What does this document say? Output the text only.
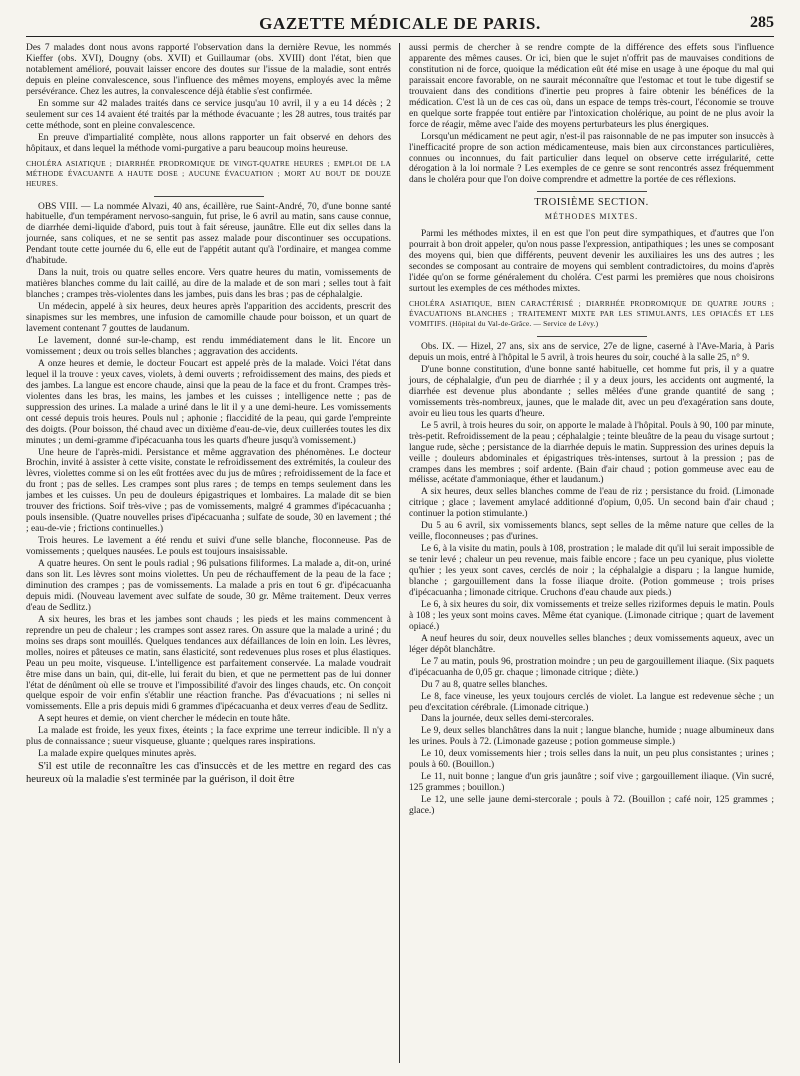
GAZETTE MÉDICALE DE PARIS.	285

Des 7 malades dont nous avons rapporté l'observation dans la dernière Revue, les nommés Kieffer (obs. XVI), Dougny (obs. XVII) et Guillaumar (obs. XVIII) dont l'état, bien que notablement amélioré, pouvait laisser encore des doutes sur l'issue de la maladie, sont entrés depuis en pleine convalescence, sous l'influence des mêmes moyens, employés avec la même persévérance. Chez les autres, la convalescence déjà établie s'est confirmée.

En somme sur 42 malades traités dans ce service jusqu'au 10 avril, il y a eu 14 décès ; 2 seulement sur ces 14 avaient été traités par la méthode évacuante ; les 28 autres, tous traités par cette méthode, sont en pleine convalescence.

En preuve d'impartialité complète, nous allons rapporter un fait observé en dehors des hôpitaux, et dans lequel la méthode vomi-purgative a paru beaucoup moins heureuse.

CHOLÉRA ASIATIQUE ; DIARRHÉE PRODROMIQUE DE VINGT-QUATRE HEURES ; EMPLOI DE LA MÉTHODE ÉVACUANTE A HAUTE DOSE ; AUCUNE ÉVACUATION ; MORT AU BOUT DE DOUZE HEURES.

OBS VIII. — La nommée Alvazi, 40 ans, écaillère, rue Saint-André, 70, d'une bonne santé habituelle, d'un tempérament nervoso-sanguin, fut prise, le 6 avril au matin, sans cause connue, de diarrhée demi-liquide d'abord, puis tout à fait séreuse, jaunâtre. Elle eut dix selles dans la journée, sans coliques, et ne se sentit pas assez malade pour discontinuer ses occupations. Pendant toute cette journée du 6, elle eut de l'appétit autant qu'à l'ordinaire, et mangea comme d'habitude.

Dans la nuit, trois ou quatre selles encore. Vers quatre heures du matin, vomissements de matières blanches comme du lait caillé, au dire de la malade et de son mari ; selles tout à fait blanches ; crampes très-violentes dans les jambes, puis dans les bras ; pas de céphalalgie.

Un médecin, appelé à six heures, deux heures après l'apparition des accidents, prescrit des sinapismes sur les membres, une infusion de camomille chaude pour boisson, et un quart de lavement contenant 7 gouttes de laudanum.

Le lavement, donné sur-le-champ, est rendu immédiatement dans le lit. Encore un vomissement ; deux ou trois selles blanches ; aggravation des accidents.

A onze heures et demie, le docteur Foucart est appelé près de la malade. Voici l'état dans lequel il la trouve : yeux caves, violets, à demi ouverts ; refroidissement des mains, des pieds et des jambes. La langue est encore chaude, ainsi que la peau de la face et du front. Crampes très-violentes dans les bras, les mains, les jambes et les cuisses ; intelligence nette ; pas de suppression des urines. La malade a uriné dans le lit il y a une demi-heure. Les vomissements ont cessé depuis trois heures. Pouls nul ; aphonie ; flaccidité de la peau, qui garde l'empreinte des doigts. (Pour boisson, thé chaud avec un dixième d'eau-de-vie, deux cuillerées toutes les dix minutes ; un demi-gramme d'ipécacuanha tous les quarts d'heure jusqu'à vomissement.)

Une heure de l'après-midi. Persistance et même aggravation des phénomènes. Le docteur Brochin, invité à assister à cette visite, constate le refroidissement des extrémités, la couleur des lèvres, violettes comme si on les eût frottées avec du jus de mûres ; refroidissement de la face et du front ; pas de selles. Les crampes sont plus rares ; de temps en temps seulement dans les jambes et les cuisses. Un peu de douleurs épigastriques et lombaires. La malade dit se bien trouver des frictions. Soif très-vive ; pas de vomissements, malgré 4 grammes d'ipécacuanha ; pouls insensible. (Quatre nouvelles prises d'ipécacuanha ; sulfate de soude, 30 en lavement ; thé ; eau-de-vie ; frictions continuelles.)

Trois heures. Le lavement a été rendu et suivi d'une selle blanche, floconneuse. Pas de vomissements ; quelques nausées. Le pouls est toujours insaisissable.

A quatre heures. On sent le pouls radial ; 96 pulsations filiformes. La malade a, dit-on, uriné dans son lit. Les lèvres sont moins violettes. Un peu de réchauffement de la peau de la face ; diminution des crampes ; pas de vomissements. La malade a pris en tout 6 gr. d'ipécacuanha depuis midi. (Nouveau lavement avec sulfate de soude, 30 gr. Même traitement. Deux verres d'eau de Sedlitz.)

A six heures, les bras et les jambes sont chauds ; les pieds et les mains commencent à reprendre un peu de chaleur ; les crampes sont assez rares. On assure que la malade a uriné ; du moins ses draps sont mouillés. Quelques tendances aux défaillances de loin en loin. Les lèvres, molles, noires et pâteuses ce matin, sans élasticité, sont redevenues plus roses et plus élastiques. Peau un peu moite, visqueuse. L'intelligence est parfaitement conservée. La malade voudrait être mise dans un bain, qui, dit-elle, lui ferait du bien, et que ne permettent pas de lui donner l'état de dénûment où elle se trouve et l'impossibilité d'avoir des linges chauds, etc. On conçoit quelque espoir de voir enfin s'établir une réaction franche. Pas d'évacuations ; ni selles ni vomissements. Elle a pris depuis midi 6 grammes d'ipécacuanha et deux verres d'eau de Sedlitz.

A sept heures et demie, on vient chercher le médecin en toute hâte.

La malade est froide, les yeux fixes, éteints ; la face exprime une terreur indicible. Il n'y a plus de connaissance ; sueur visqueuse, gluante ; quelques rares inspirations.

La malade expire quelques minutes après.

S'il est utile de reconnaître les cas d'insuccès et de les mettre en regard des cas heureux où la maladie s'est terminée par la guérison, il doit être

aussi permis de chercher à se rendre compte de la différence des effets sous l'influence apparente des mêmes causes. Or ici, bien que le sujet n'offrit pas de mauvaises conditions de constitution ni de force, quoique la médication eût été mise en usage à une époque du mal qui paraissait encore favorable, on ne saurait méconnaître que l'estomac et tout le tube digestif se trouvaient dans des conditions d'inertie peu propres à faire obtenir les bénéfices de la médication. C'est là un de ces cas où, dans un espace de temps très-court, l'économie se trouve en quelque sorte frappée tout entière par l'intoxication cholérique, au point de ne plus avoir la force de réagir, même avec l'aide des moyens perturbateurs les plus énergiques.

Lorsqu'un médicament ne peut agir, n'est-il pas raisonnable de ne pas imputer son insuccès à l'inefficacité propre de son action médicamenteuse, mais bien aux circonstances particulières, connues ou inconnues, du fait particulier dans lequel on observe cette irrégularité, cette dérogation à la loi normale ? Les exemples de ce genre se sont rencontrés assez fréquemment dans le choléra pour que l'on doive comprendre et admettre la portée de ces réflexions.

TROISIÈME SECTION.

MÉTHODES MIXTES.

Parmi les méthodes mixtes, il en est que l'on peut dire sympathiques, et d'autres que l'on pourrait à bon droit appeler, qu'on nous passe l'expression, antipathiques ; les unes se composant des moyens qui, bien que différents, peuvent devenir les auxiliaires les uns des autres ; les secondes se composant au contraire de moyens qui semblent contradictoires, du moins d'après l'idée qu'on se forme généralement du choléra. C'est parmi les premières que nous choisirons surtout les exemples de ces méthodes mixtes.

CHOLÉRA ASIATIQUE, BIEN CARACTÉRISÉ ; DIARRHÉE PRODROMIQUE DE QUATRE JOURS ; ÉVACUATIONS BLANCHES ; TRAITEMENT MIXTE PAR LES STIMULANTS, LES OPIACÉS ET LES VOMITIFS. (Hôpital du Val-de-Grâce. — Service de Lévy.)

Obs. IX. — Hizel, 27 ans, six ans de service, 27e de ligne, caserné à l'Ave-Maria, à Paris depuis un mois, entré à l'hôpital le 5 avril, à trois heures du soir, couché à la salle 25, n° 9.

D'une bonne constitution, d'une bonne santé habituelle, cet homme fut pris, il y a quatre jours, de céphalalgie, d'un peu de diarrhée ; il y a deux jours, les accidents ont augmenté, la diarrhée est devenue plus abondante ; selles mêlées d'une grande quantité de sang ; vomissements très-nombreux, jaunes, que le malade dit, avec un peu d'exagération sans doute, avoir eu lieu tous les quarts d'heure.

Le 5 avril, à trois heures du soir, on apporte le malade à l'hôpital. Pouls à 90, 100 par minute, très-petit. Refroidissement de la peau ; céphalalgie ; teinte bleuâtre de la peau du visage surtout ; langue rude, sèche ; persistance de la diarrhée depuis le matin. Suppression des urines depuis la veille ; douleurs abdominales et épigastriques très-intenses, surtout à la pression ; pas de crampes dans les membres ; soif ardente. (Bain d'air chaud ; potion gommeuse avec eau de mélisse, acétate d'ammoniaque, éther et laudanum.)

A six heures, deux selles blanches comme de l'eau de riz ; persistance du froid. (Limonade citrique ; glace ; lavement amylacé additionné d'opium, 0,05. Un second bain d'air chaud ; continuer la potion stimulante.)

Du 5 au 6 avril, six vomissements blancs, sept selles de la même nature que celles de la veille, floconneuses ; pas d'urines.

Le 6, à la visite du matin, pouls à 108, prostration ; le malade dit qu'il lui serait impossible de se tenir levé ; chaleur un peu revenue, mais faible encore ; face un peu cyanique, plus violette qu'hier ; les yeux sont caves, cerclés de noir ; la céphalalgie a disparu ; la langue humide, blanche ; gargouillement dans la fosse iliaque droite. (Potion gommeuse ; trois prises d'ipécacuanha ; limonade citrique. Cruchons d'eau chaude aux pieds.)

Le 6, à six heures du soir, dix vomissements et treize selles riziformes depuis le matin. Pouls à 108 ; les yeux sont moins caves. Même état cyanique. (Limonade citrique ; quart de lavement opiacé.)

A neuf heures du soir, deux nouvelles selles blanches ; deux vomissements aqueux, avec un léger dépôt blanchâtre.

Le 7 au matin, pouls 96, prostration moindre ; un peu de gargouillement iliaque. (Six paquets d'ipécacuanha de 0,05 gr. chaque ; limonade citrique ; diète.)

Du 7 au 8, quatre selles blanches.

Le 8, face vineuse, les yeux toujours cerclés de violet. La langue est redevenue sèche ; un peu d'excitation cérébrale. (Limonade citrique.)

Dans la journée, deux selles demi-stercorales.

Le 9, deux selles blanchâtres dans la nuit ; langue blanche, humide ; nuage albumineux dans les urines. Pouls à 72. (Limonade gazeuse ; potion gommeuse simple.)

Le 10, deux vomissements hier ; trois selles dans la nuit, un peu plus consistantes ; urines ; pouls à 60. (Bouillon.)

Le 11, nuit bonne ; langue d'un gris jaunâtre ; soif vive ; gargouillement iliaque. (Vin sucré, 125 grammes ; bouillon.)

Le 12, une selle jaune demi-stercorale ; pouls à 72. (Bouillon ; café noir, 125 grammes ; glace.)
